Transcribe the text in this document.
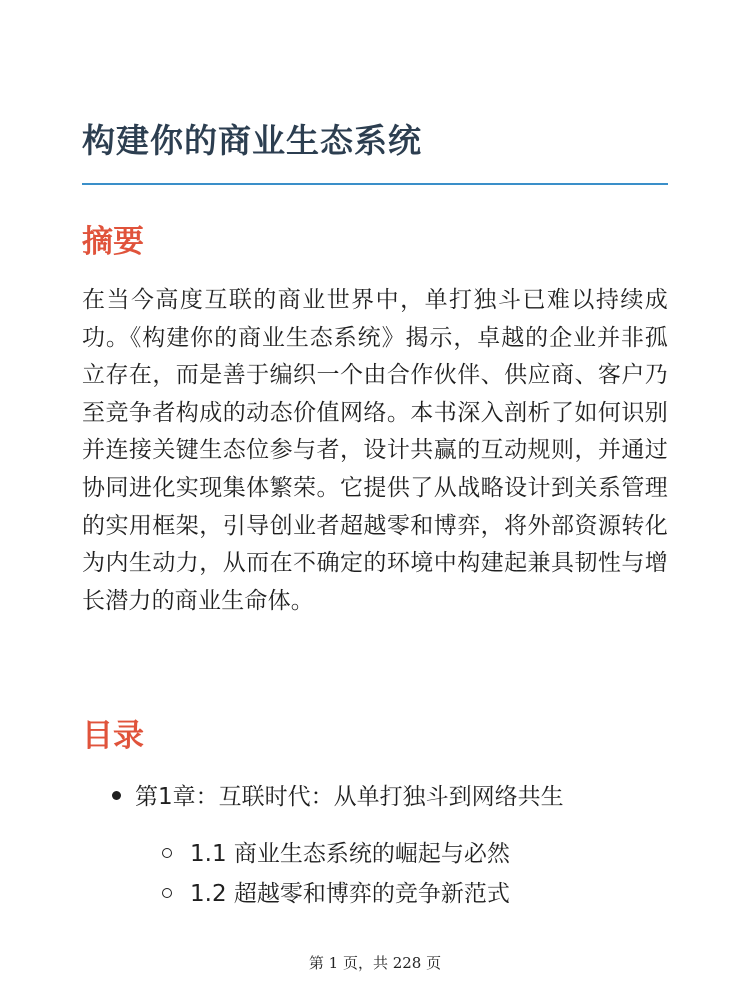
构建你的商业生态系统
摘要

在当今高度互联的商业世界中，单打独斗已难以持续成功。《构建你的商业生态系统》揭示，卓越的企业并非孤立存在，而是善于编织一个由合作伙伴、供应商、客户乃至竞争者构成的动态价值网络。本书深入剖析了如何识别并连接关键生态位参与者，设计共赢的互动规则，并通过协同进化实现集体繁荣。它提供了从战略设计到关系管理的实用框架，引导创业者超越零和博弈，将外部资源转化为内生动力，从而在不确定的环境中构建起兼具韧性与增长潜力的商业生命体。

目录
第1章：互联时代：从单打独斗到网络共生
1.1 商业生态系统的崛起与必然
1.2 超越零和博弈的竞争新范式
第 1 页，共 228 页
